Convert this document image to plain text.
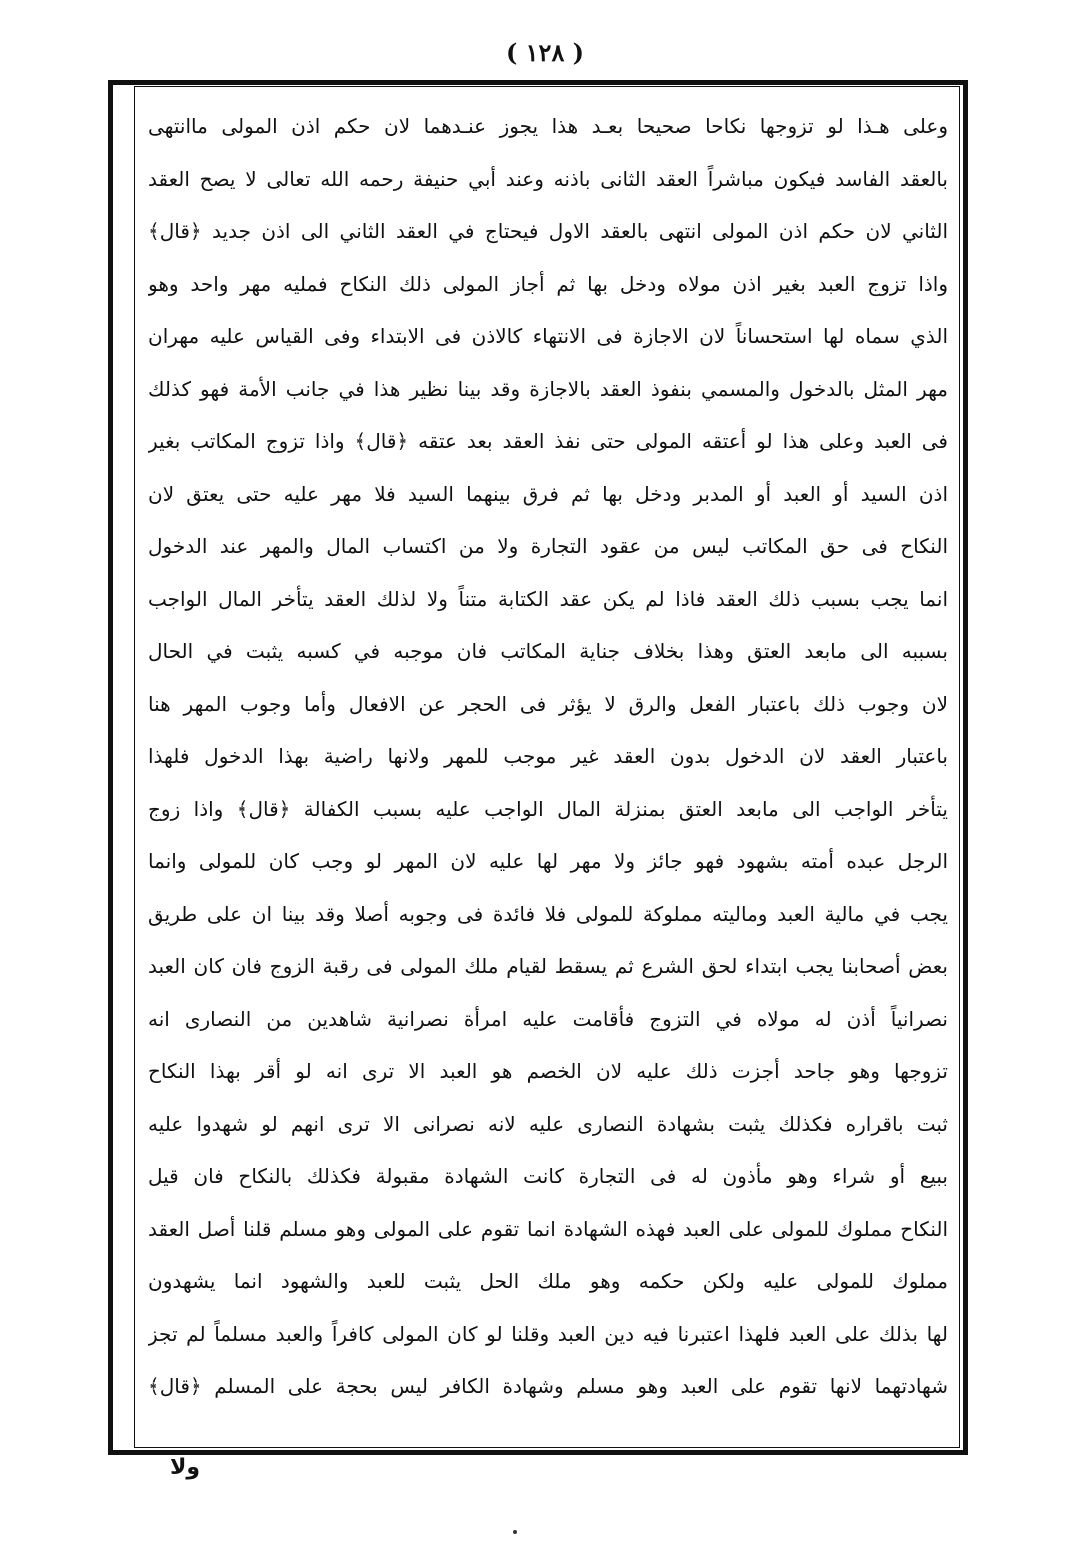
( ١٢٨ )
وعلى هـذا لو تزوجها نكاحا صحيحا بعـد هذا يجوز عنـدهما لان حكم اذن المولى ماانتهى
بالعقد الفاسد فيكون مباشراً العقد الثانى باذنه وعند أبي حنيفة رحمه الله تعالى لا يصح العقد
الثاني لان حكم اذن المولى انتهى بالعقد الاول فيحتاج في العقد الثاني الى اذن جديد ﴿قال﴾
واذا تزوج العبد بغير اذن مولاه ودخل بها ثم أجاز المولى ذلك النكاح فمليه مهر واحد وهو
الذي سماه لها استحساناً لان الاجازة فى الانتهاء كالاذن فى الابتداء وفى القياس عليه مهران
مهر المثل بالدخول والمسمي بنفوذ العقد بالاجازة وقد بينا نظير هذا في جانب الأمة فهو كذلك
فى العبد وعلى هذا لو أعتقه المولى حتى نفذ العقد بعد عتقه ﴿قال﴾ واذا تزوج المكاتب بغير
اذن السيد أو العبد أو المدبر ودخل بها ثم فرق بينهما السيد فلا مهر عليه حتى يعتق لان
النكاح فى حق المكاتب ليس من عقود التجارة ولا من اكتساب المال والمهر عند الدخول
انما يجب بسبب ذلك العقد فاذا لم يكن عقد الكتابة متناً ولا لذلك العقد يتأخر المال الواجب
بسببه الى مابعد العتق وهذا بخلاف جناية المكاتب فان موجبه في كسبه يثبت في الحال
لان وجوب ذلك باعتبار الفعل والرق لا يؤثر فى الحجر عن الافعال وأما وجوب المهر هنا
باعتبار العقد لان الدخول بدون العقد غير موجب للمهر ولانها راضية بهذا الدخول فلهذا
يتأخر الواجب الى مابعد العتق بمنزلة المال الواجب عليه بسبب الكفالة ﴿قال﴾ واذا زوج
الرجل عبده أمته بشهود فهو جائز ولا مهر لها عليه لان المهر لو وجب كان للمولى وانما
يجب في مالية العبد وماليته مملوكة للمولى فلا فائدة فى وجوبه أصلا وقد بينا ان على طريق
بعض أصحابنا يجب ابتداء لحق الشرع ثم يسقط لقيام ملك المولى فى رقبة الزوج فان كان العبد
نصرانياً أذن له مولاه في التزوج فأقامت عليه امرأة نصرانية شاهدين من النصارى انه
تزوجها وهو جاحد أجزت ذلك عليه لان الخصم هو العبد الا ترى انه لو أقر بهذا النكاح
ثبت باقراره فكذلك يثبت بشهادة النصارى عليه لانه نصرانى الا ترى انهم لو شهدوا عليه
ببيع أو شراء وهو مأذون له فى التجارة كانت الشهادة مقبولة فكذلك بالنكاح فان قيل
النكاح مملوك للمولى على العبد فهذه الشهادة انما تقوم على المولى وهو مسلم قلنا أصل العقد
مملوك للمولى عليه ولكن حكمه وهو ملك الحل يثبت للعبد والشهود انما يشهدون
لها بذلك على العبد فلهذا اعتبرنا فيه دين العبد وقلنا لو كان المولى كافراً والعبد مسلماً لم تجز
شهادتهما لانها تقوم على العبد وهو مسلم وشهادة الكافر ليس بحجة على المسلم ﴿قال﴾
ولا
